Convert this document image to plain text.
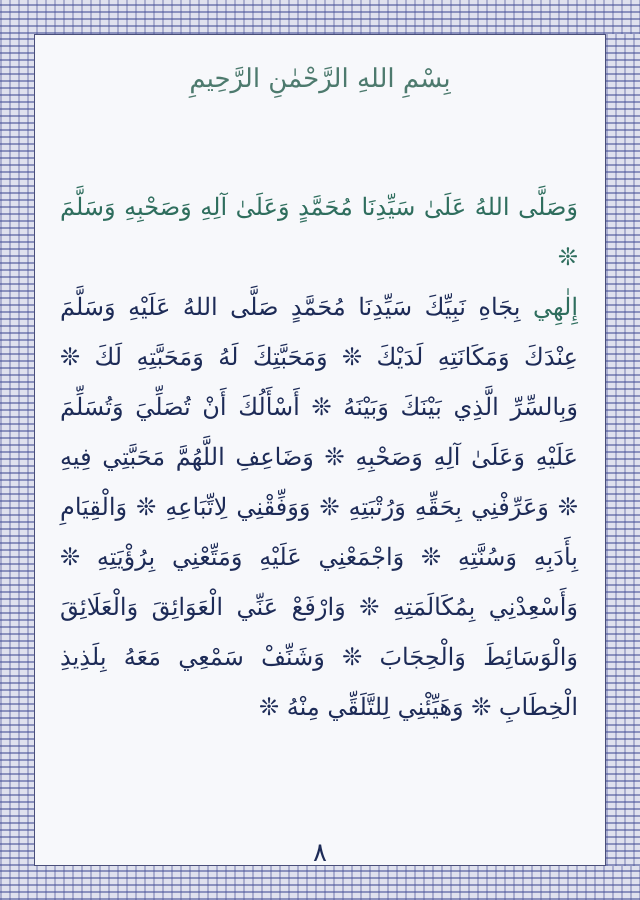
بِسْمِ اللهِ الرَّحْمٰنِ الرَّحِيمِ

وَصَلَّى اللهُ عَلَىٰ سَيِّدِنَا مُحَمَّدٍ وَعَلَىٰ آلِهِ وَصَحْبِهِ وَسَلَّمَ ❊

إِلٰهِي بِجَاهِ نَبِيِّكَ سَيِّدِنَا مُحَمَّدٍ صَلَّى اللهُ عَلَيْهِ وَسَلَّمَ عِنْدَكَ وَمَكَانَتِهِ لَدَيْكَ ❊ وَمَحَبَّتِكَ لَهُ وَمَحَبَّتِهِ لَكَ ❊ وَبِالسِّرِّ الَّذِي بَيْنَكَ وَبَيْنَهُ ❊ أَسْأَلُكَ أَنْ تُصَلِّيَ وَتُسَلِّمَ عَلَيْهِ وَعَلَىٰ آلِهِ وَصَحْبِهِ ❊ وَضَاعِفِ اللَّهُمَّ مَحَبَّتِي فِيهِ ❊ وَعَرِّفْنِي بِحَقِّهِ وَرُتْبَتِهِ ❊ وَوَفِّقْنِي لِاتِّبَاعِهِ ❊ وَالْقِيَامِ بِأَدَبِهِ وَسُنَّتِهِ ❊ وَاجْمَعْنِي عَلَيْهِ وَمَتِّعْنِي بِرُؤْيَتِهِ ❊ وَأَسْعِدْنِي بِمُكَالَمَتِهِ ❊ وَارْفَعْ عَنِّي الْعَوَائِقَ وَالْعَلَائِقَ وَالْوَسَائِطَ وَالْحِجَابَ ❊ وَشَنِّفْ سَمْعِي مَعَهُ بِلَذِيذِ الْخِطَابِ ❊ وَهَيِّئْنِي لِلتَّلَقِّي مِنْهُ ❊

٨
